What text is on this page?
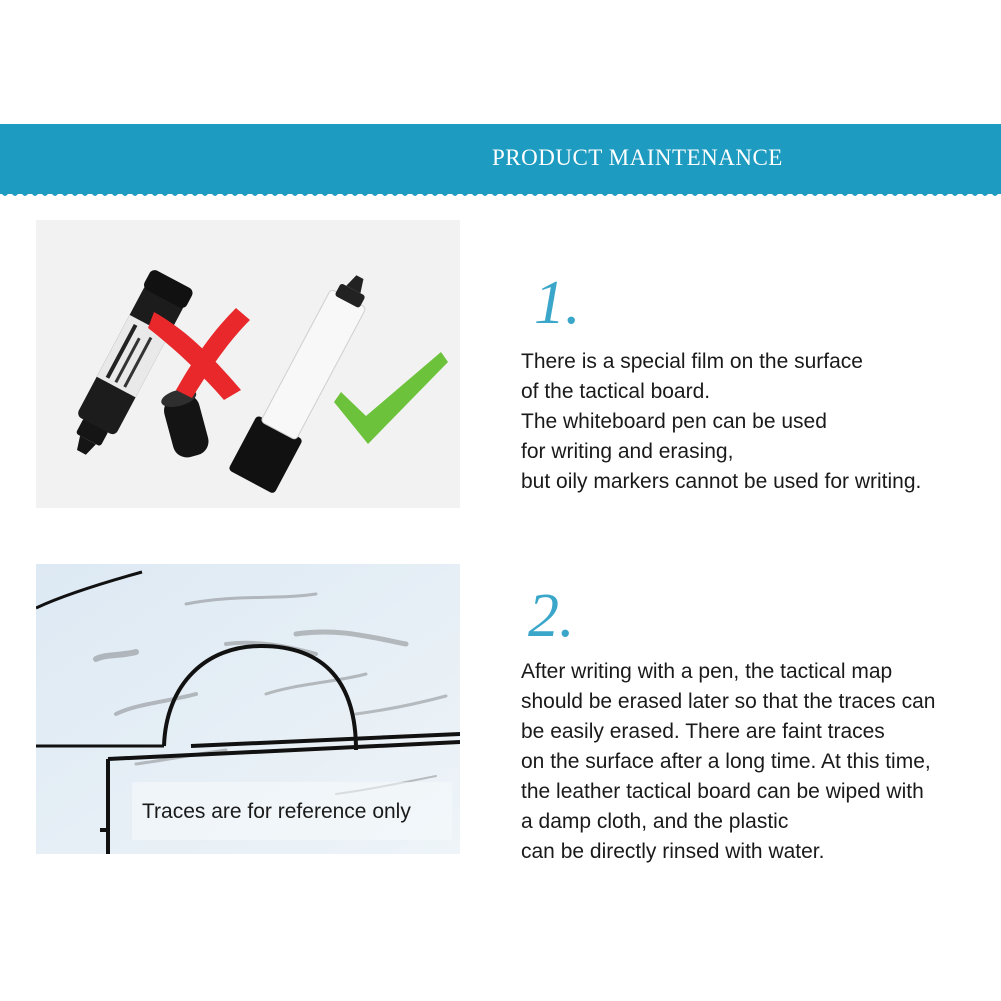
PRODUCT MAINTENANCE
Traces are for reference only
1.
There is a special film on the surface
of the tactical board.
The whiteboard pen can be used
for writing and erasing,
but oily markers cannot be used for writing.
2.
After writing with a pen, the tactical map
should be erased later so that the traces can
be easily erased. There are faint traces
on the surface after a long time. At this time,
the leather tactical board can be wiped with
a damp cloth, and the plastic
can be directly rinsed with water.
